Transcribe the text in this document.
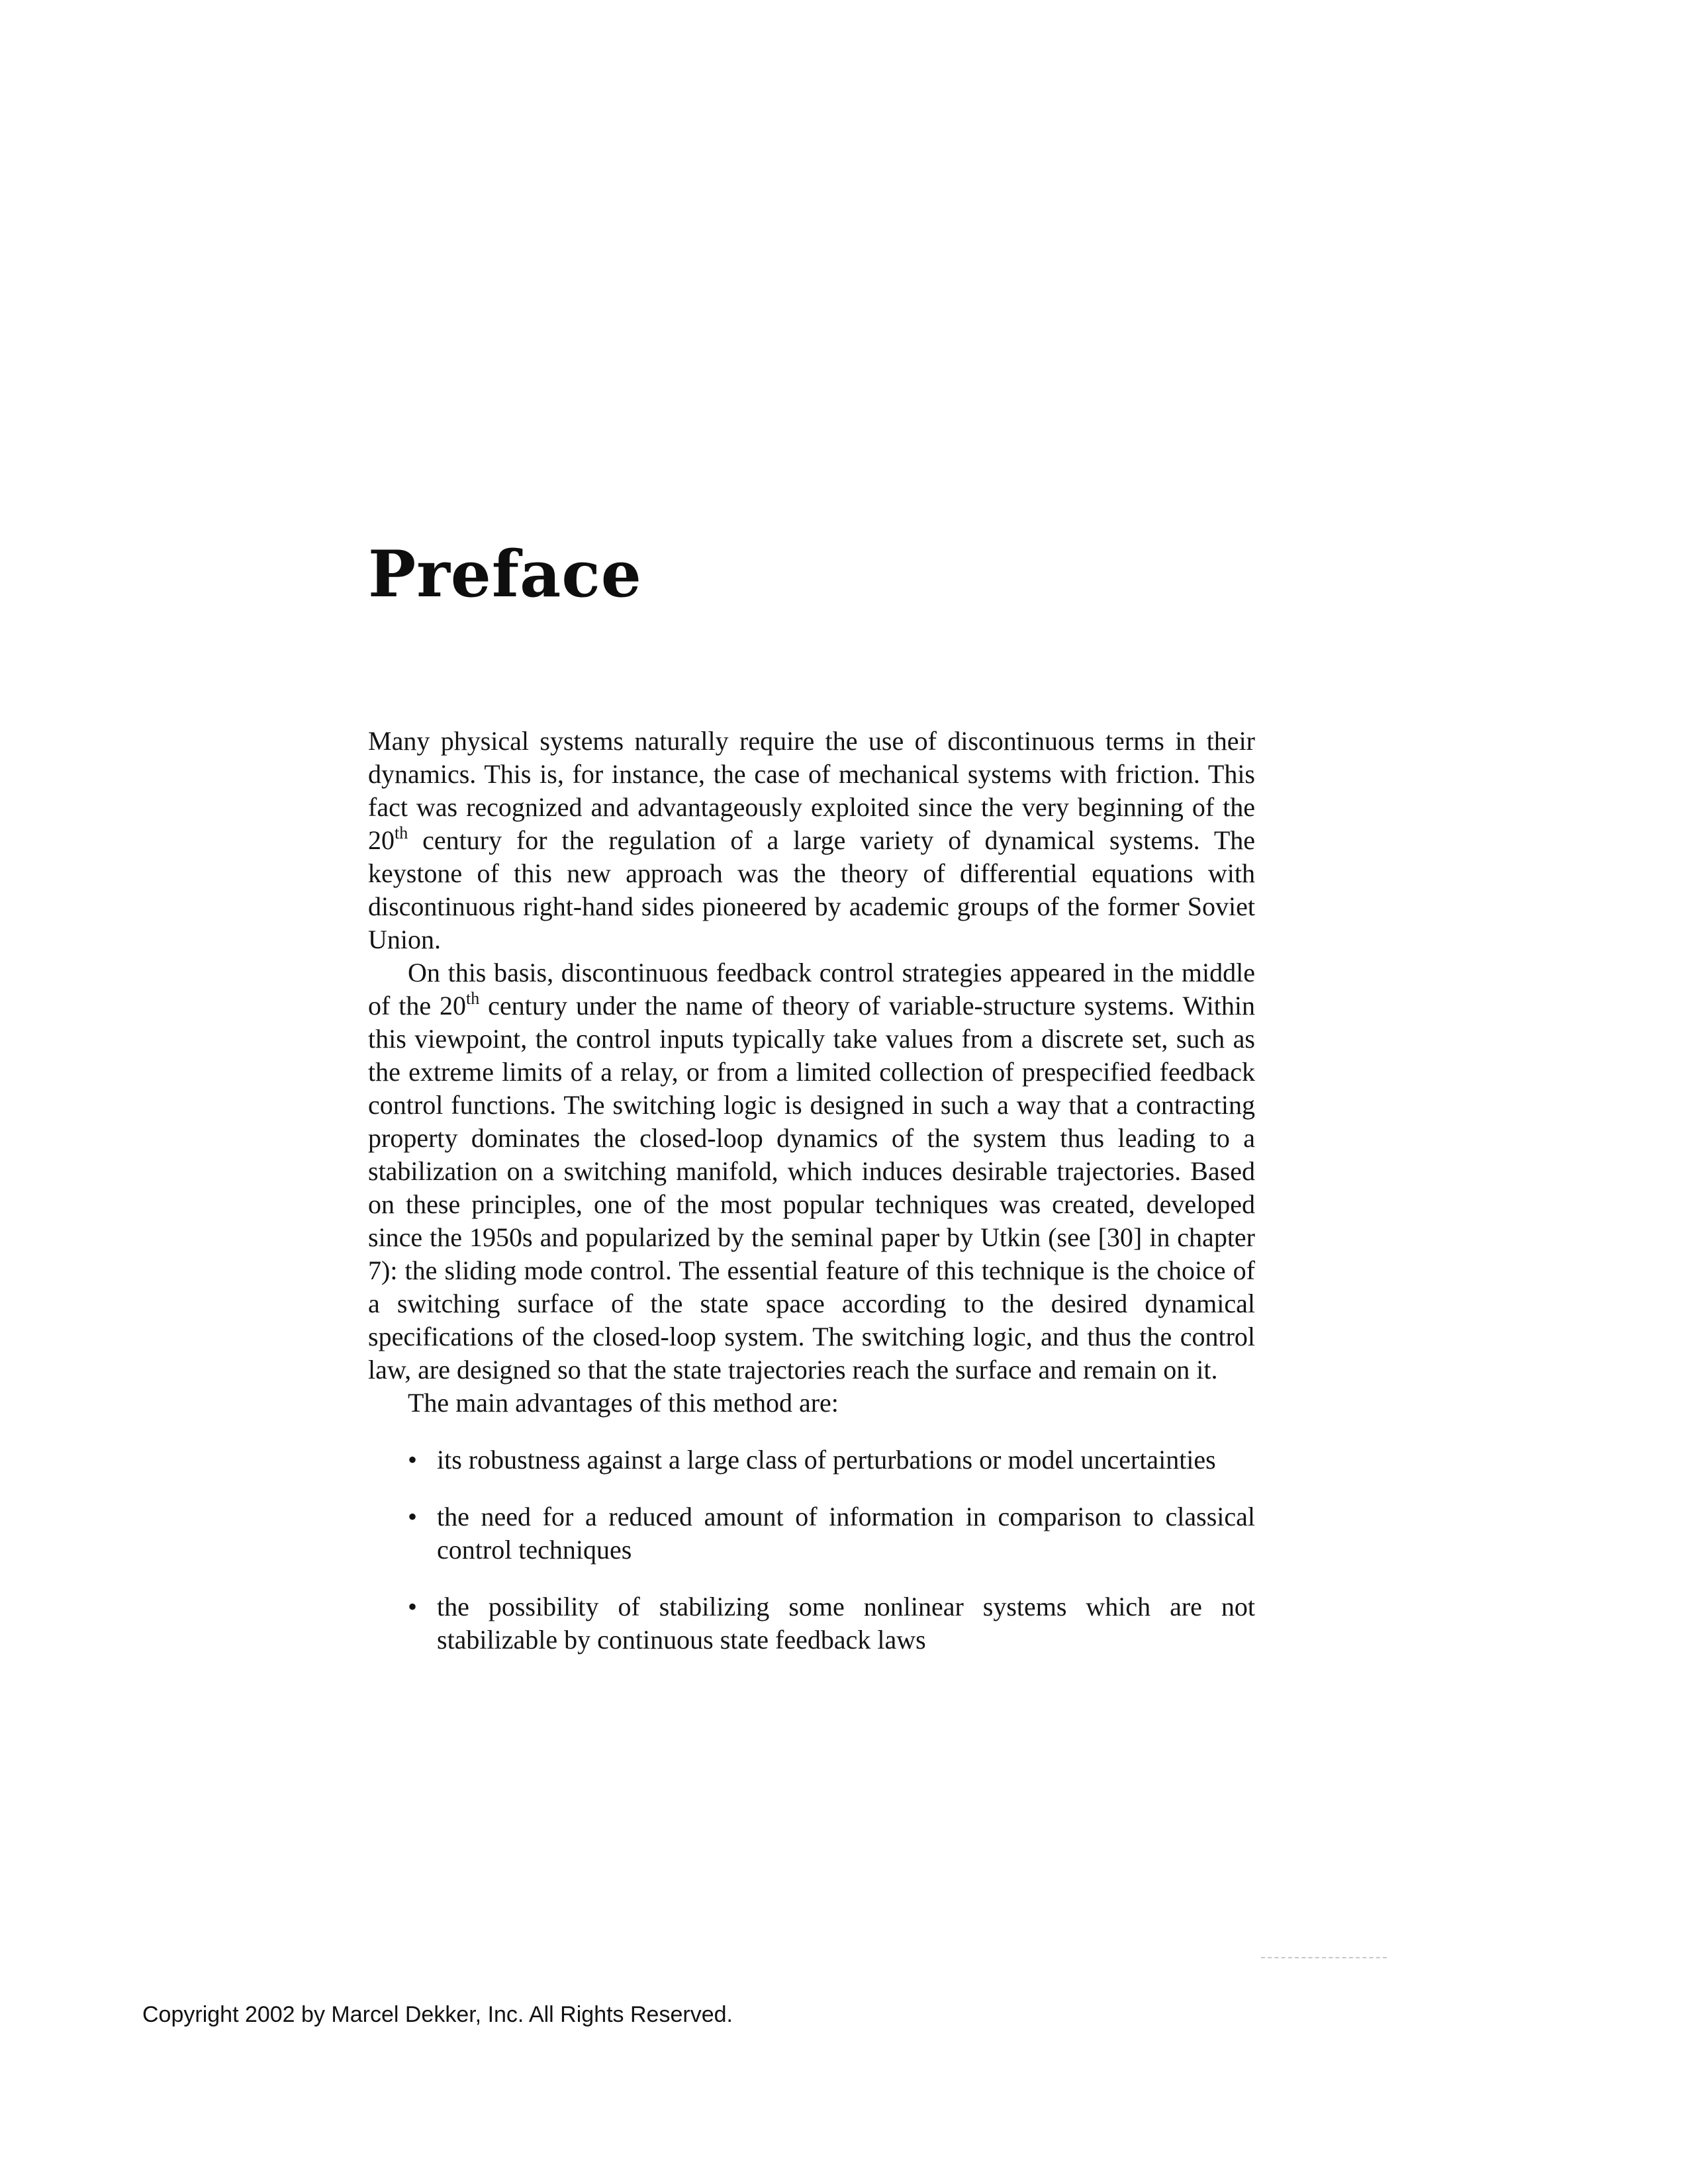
Preface

Many physical systems naturally require the use of discontinuous terms in their dynamics. This is, for instance, the case of mechanical systems with friction. This fact was recognized and advantageously exploited since the very beginning of the 20th century for the regulation of a large variety of dynamical systems. The keystone of this new approach was the theory of differential equations with discontinuous right-hand sides pioneered by academic groups of the former Soviet Union.

On this basis, discontinuous feedback control strategies appeared in the middle of the 20th century under the name of theory of variable-structure systems. Within this viewpoint, the control inputs typically take values from a discrete set, such as the extreme limits of a relay, or from a limited collection of prespecified feedback control functions. The switching logic is designed in such a way that a contracting property dominates the closed-loop dynamics of the system thus leading to a stabilization on a switching manifold, which induces desirable trajectories. Based on these principles, one of the most popular techniques was created, developed since the 1950s and popularized by the seminal paper by Utkin (see [30] in chapter 7): the sliding mode control. The essential feature of this technique is the choice of a switching surface of the state space according to the desired dynamical specifications of the closed-loop system. The switching logic, and thus the control law, are designed so that the state trajectories reach the surface and remain on it.

The main advantages of this method are:

• its robustness against a large class of perturbations or model uncertainties
• the need for a reduced amount of information in comparison to classical control techniques
• the possibility of stabilizing some nonlinear systems which are not stabilizable by continuous state feedback laws
Copyright 2002 by Marcel Dekker, Inc. All Rights Reserved.
